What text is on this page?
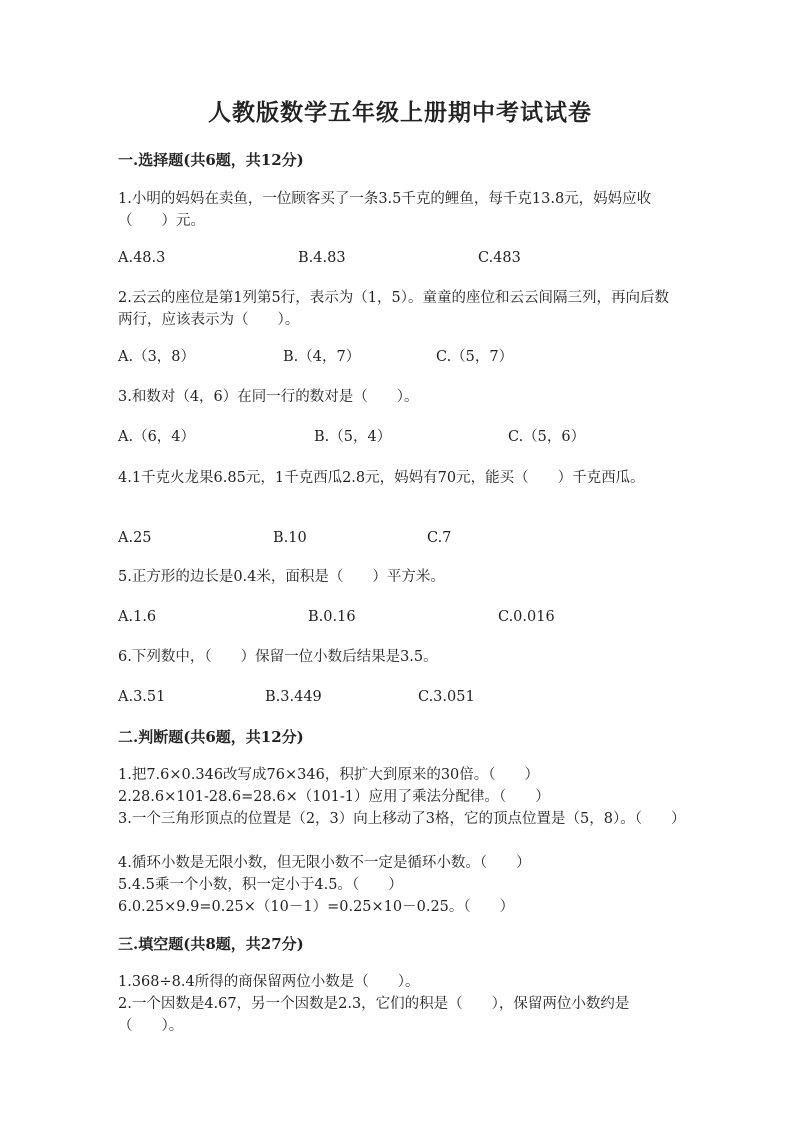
人教版数学五年级上册期中考试试卷
一.选择题(共6题，共12分)
1.小明的妈妈在卖鱼，一位顾客买了一条3.5千克的鲤鱼，每千克13.8元，妈妈应收（　　）元。
A.48.3	B.4.83	C.483
2.云云的座位是第1列第5行，表示为（1，5）。童童的座位和云云间隔三列，再向后数两行，应该表示为（　　）。
A.（3，8）	B.（4，7）	C.（5，7）
3.和数对（4，6）在同一行的数对是（　　）。
A.（6，4）	B.（5，4）	C.（5，6）
4.1千克火龙果6.85元，1千克西瓜2.8元，妈妈有70元，能买（　　）千克西瓜。
A.25	B.10	C.7
5.正方形的边长是0.4米，面积是（　　）平方米。
A.1.6	B.0.16	C.0.016
6.下列数中，（　　）保留一位小数后结果是3.5。
A.3.51	B.3.449	C.3.051
二.判断题(共6题，共12分)
1.把7.6×0.346改写成76×346，积扩大到原来的30倍。（　　）
2.28.6×101-28.6=28.6×（101-1）应用了乘法分配律。（　　）
3.一个三角形顶点的位置是（2，3）向上移动了3格，它的顶点位置是（5，8）。（　　）
4.循环小数是无限小数，但无限小数不一定是循环小数。（　　）
5.4.5乘一个小数，积一定小于4.5。（　　）
6.0.25×9.9=0.25×（10－1）=0.25×10－0.25。（　　）
三.填空题(共8题，共27分)
1.368÷8.4所得的商保留两位小数是（　　）。
2.一个因数是4.67，另一个因数是2.3，它们的积是（　　），保留两位小数约是（　　）。
